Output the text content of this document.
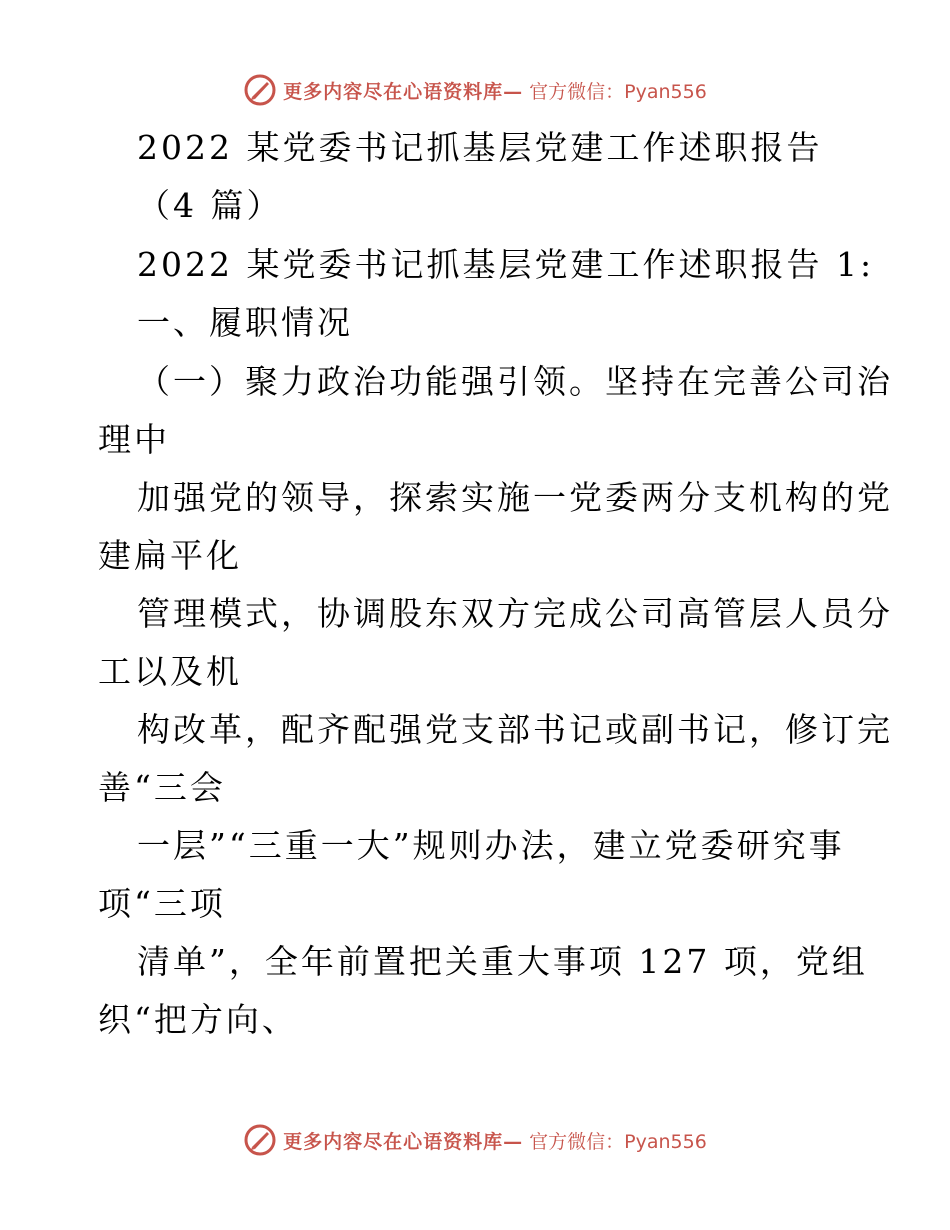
更多内容尽在心语资料库— 官方微信：Pyan556
2022 某党委书记抓基层党建工作述职报告
（4 篇）
2022 某党委书记抓基层党建工作述职报告 1:
一、履职情况
（一）聚力政治功能强引领。坚持在完善公司治
理中
加强党的领导，探索实施一党委两分支机构的党
建扁平化
管理模式，协调股东双方完成公司高管层人员分
工以及机
构改革，配齐配强党支部书记或副书记，修订完
善“三会
一层”“三重一大”规则办法，建立党委研究事
项“三项
清单”，全年前置把关重大事项 127 项，党组
织“把方向、
更多内容尽在心语资料库— 官方微信：Pyan556
